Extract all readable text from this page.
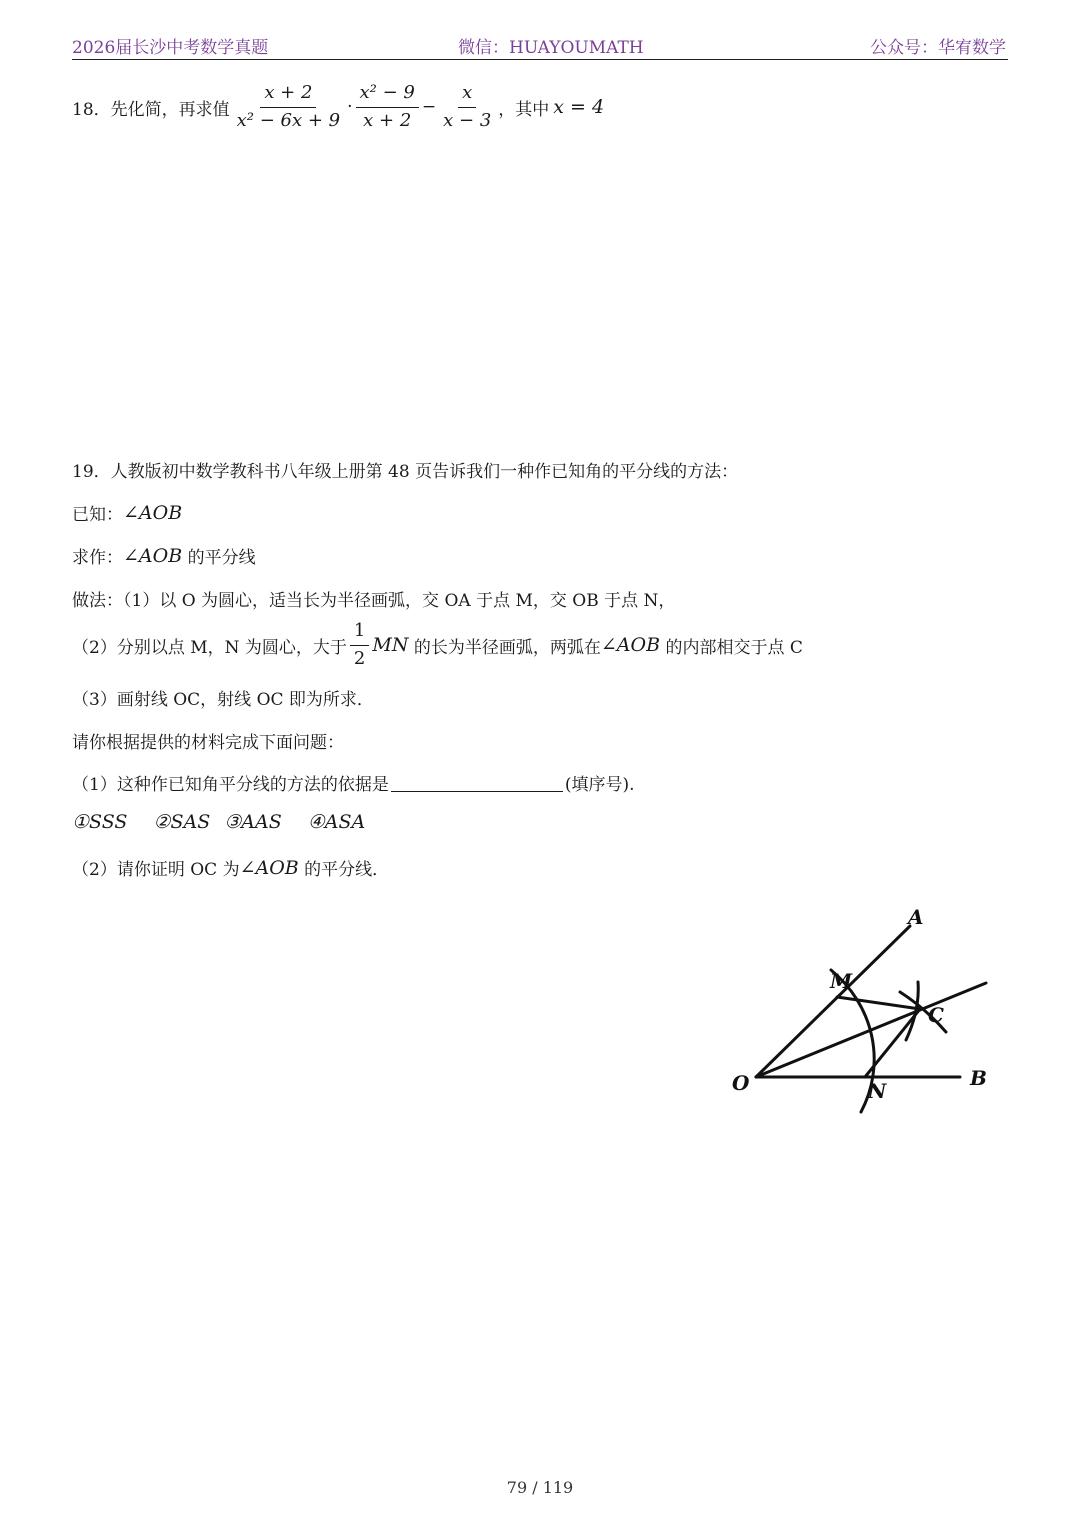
2026届长沙中考数学真题	微信：HUAYOUMATH	公众号：华宥数学
18． 先化简，再求值 $\frac{x + 2}{\text{x² − 6x + 9}} \cdot \frac{\text{x² − 9}}{x + 2} - \frac{x}{x - 3}$ ，其中 x = 4
19．人教版初中数学教科书八年级上册第 48 页告诉我们一种作已知角的平分线的方法：
已知： ∠AOB
求作： ∠AOB 的平分线
做法：（1）以 O 为圆心，适当长为半径画弧，交 OA 于点 M，交 OB 于点 N，
（2）分别以点 M，N 为圆心，大于 $\frac{1}{2}$ MN 的长为半径画弧，两弧在 ∠AOB 的内部相交于点 C
（3）画射线 OC，射线 OC 即为所求．
请你根据提供的材料完成下面问题：
（1）这种作已知角平分线的方法的依据是	(填序号).
①SSS ②SAS ③AAS ④ASA
（2）请你证明 OC 为 ∠AOB 的平分线．
A
M
C
O	N
B
79 / 119
